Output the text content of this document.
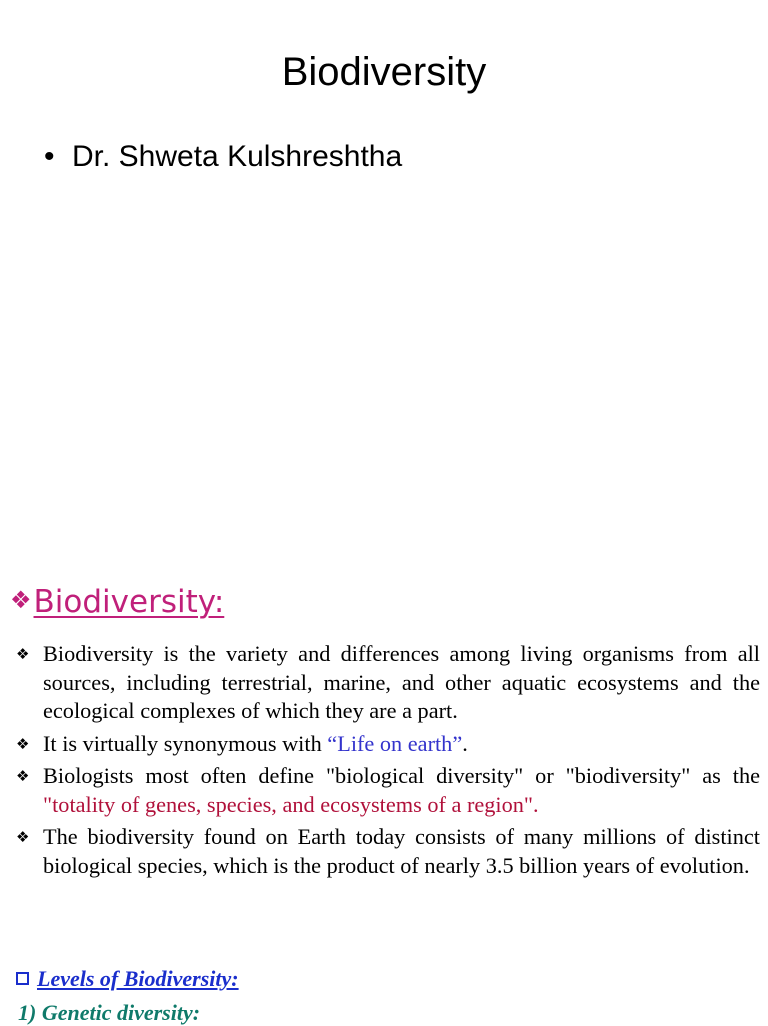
Biodiversity
• Dr. Shweta Kulshreshtha
❖Biodiversity:
❖ Biodiversity is the variety and differences among living organisms from all sources, including terrestrial, marine, and other aquatic ecosystems and the ecological complexes of which they are a part.
❖ It is virtually synonymous with “Life on earth”.
❖ Biologists most often define "biological diversity" or "biodiversity" as the "totality of genes, species, and ecosystems of a region".
❖ The biodiversity found on Earth today consists of many millions of distinct biological species, which is the product of nearly 3.5 billion years of evolution.
Levels of Biodiversity:
1) Genetic diversity:
